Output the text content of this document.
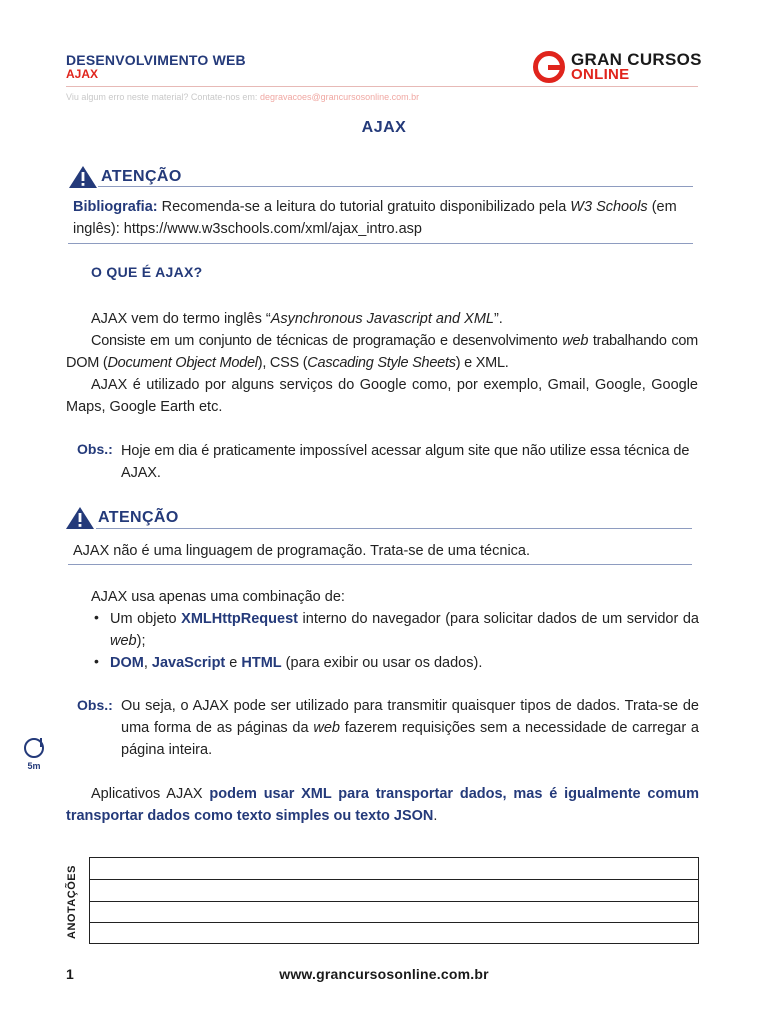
DESENVOLVIMENTO WEB
AJAX
GRAN CURSOS
ONLINE
Viu algum erro neste material? Contate-nos em: degravacoes@grancursosonline.com.br
AJAX
ATENÇÃO
Bibliografia: Recomenda-se a leitura do tutorial gratuito disponibilizado pela W3 Schools (em inglês): https://www.w3schools.com/xml/ajax_intro.asp
O QUE É AJAX?
AJAX vem do termo inglês “Asynchronous Javascript and XML”.
Consiste em um conjunto de técnicas de programação e desenvolvimento web trabalhando com DOM (Document Object Model), CSS (Cascading Style Sheets) e XML.
AJAX é utilizado por alguns serviços do Google como, por exemplo, Gmail, Google, Google Maps, Google Earth etc.
Obs.: Hoje em dia é praticamente impossível acessar algum site que não utilize essa técnica de AJAX.
ATENÇÃO
AJAX não é uma linguagem de programação. Trata-se de uma técnica.
AJAX usa apenas uma combinação de:
• Um objeto XMLHttpRequest interno do navegador (para solicitar dados de um servidor da web);
• DOM, JavaScript e HTML (para exibir ou usar os dados).
Obs.: Ou seja, o AJAX pode ser utilizado para transmitir quaisquer tipos de dados. Trata-se de uma forma de as páginas da web fazerem requisições sem a necessidade de carregar a página inteira.
5m
Aplicativos AJAX podem usar XML para transportar dados, mas é igualmente comum transportar dados como texto simples ou texto JSON.
ANOTAÇÕES
www.grancursosonline.com.br
1
